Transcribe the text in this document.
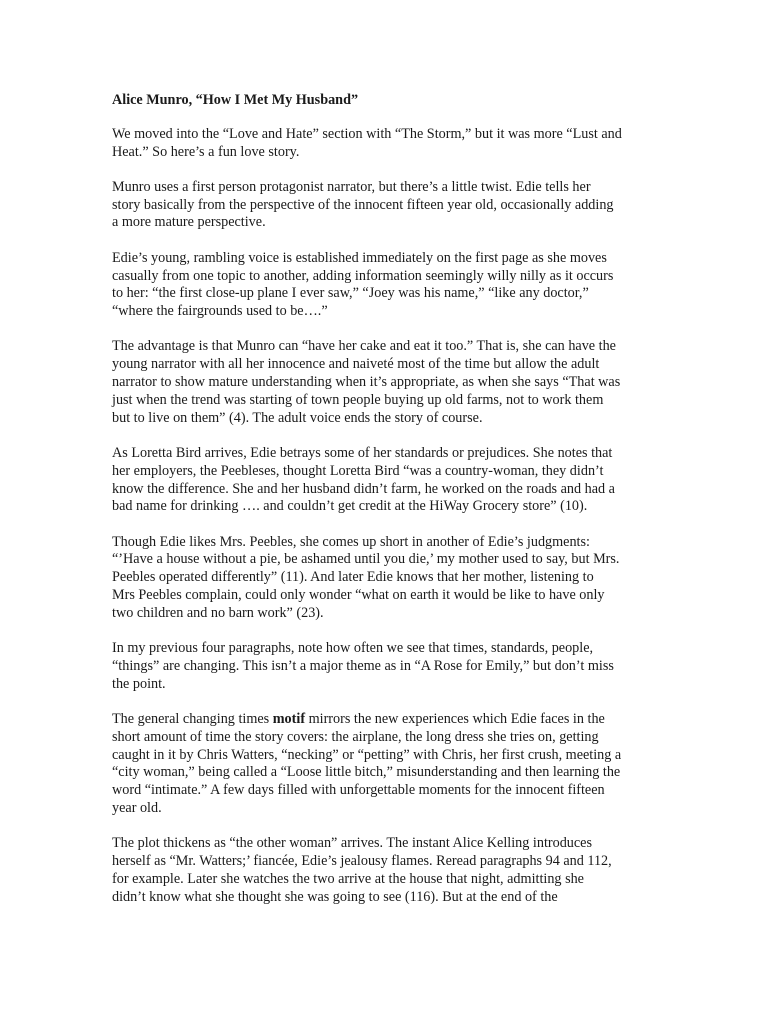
Alice Munro, “How I Met My Husband”
We moved into the “Love and Hate” section with “The Storm,” but it was more “Lust and
Heat.” So here’s a fun love story.
Munro uses a first person protagonist narrator, but there’s a little twist. Edie tells her
story basically from the perspective of the innocent fifteen year old, occasionally adding
a more mature perspective.
Edie’s young, rambling voice is established immediately on the first page as she moves
casually from one topic to another, adding information seemingly willy nilly as it occurs
to her: “the first close-up plane I ever saw,” “Joey was his name,” “like any doctor,”
“where the fairgrounds used to be….”
The advantage is that Munro can “have her cake and eat it too.” That is, she can have the
young narrator with all her innocence and naiveté most of the time but allow the adult
narrator to show mature understanding when it’s appropriate, as when she says “That was
just when the trend was starting of town people buying up old farms, not to work them
but to live on them” (4). The adult voice ends the story of course.
As Loretta Bird arrives, Edie betrays some of her standards or prejudices. She notes that
her employers, the Peebleses, thought Loretta Bird “was a country-woman, they didn’t
know the difference. She and her husband didn’t farm, he worked on the roads and had a
bad name for drinking …. and couldn’t get credit at the HiWay Grocery store” (10).
Though Edie likes Mrs. Peebles, she comes up short in another of Edie’s judgments:
“’Have a house without a pie, be ashamed until you die,’ my mother used to say, but Mrs.
Peebles operated differently” (11). And later Edie knows that her mother, listening to
Mrs Peebles complain, could only wonder “what on earth it would be like to have only
two children and no barn work” (23).
In my previous four paragraphs, note how often we see that times, standards, people,
“things” are changing. This isn’t a major theme as in “A Rose for Emily,” but don’t miss
the point.
The general changing times motif mirrors the new experiences which Edie faces in the
short amount of time the story covers: the airplane, the long dress she tries on, getting
caught in it by Chris Watters, “necking” or “petting” with Chris, her first crush, meeting a
“city woman,” being called a “Loose little bitch,” misunderstanding and then learning the
word “intimate.” A few days filled with unforgettable moments for the innocent fifteen
year old.
The plot thickens as “the other woman” arrives. The instant Alice Kelling introduces
herself as “Mr. Watters;’ fiancée, Edie’s jealousy flames. Reread paragraphs 94 and 112,
for example. Later she watches the two arrive at the house that night, admitting she
didn’t know what she thought she was going to see (116). But at the end of the
